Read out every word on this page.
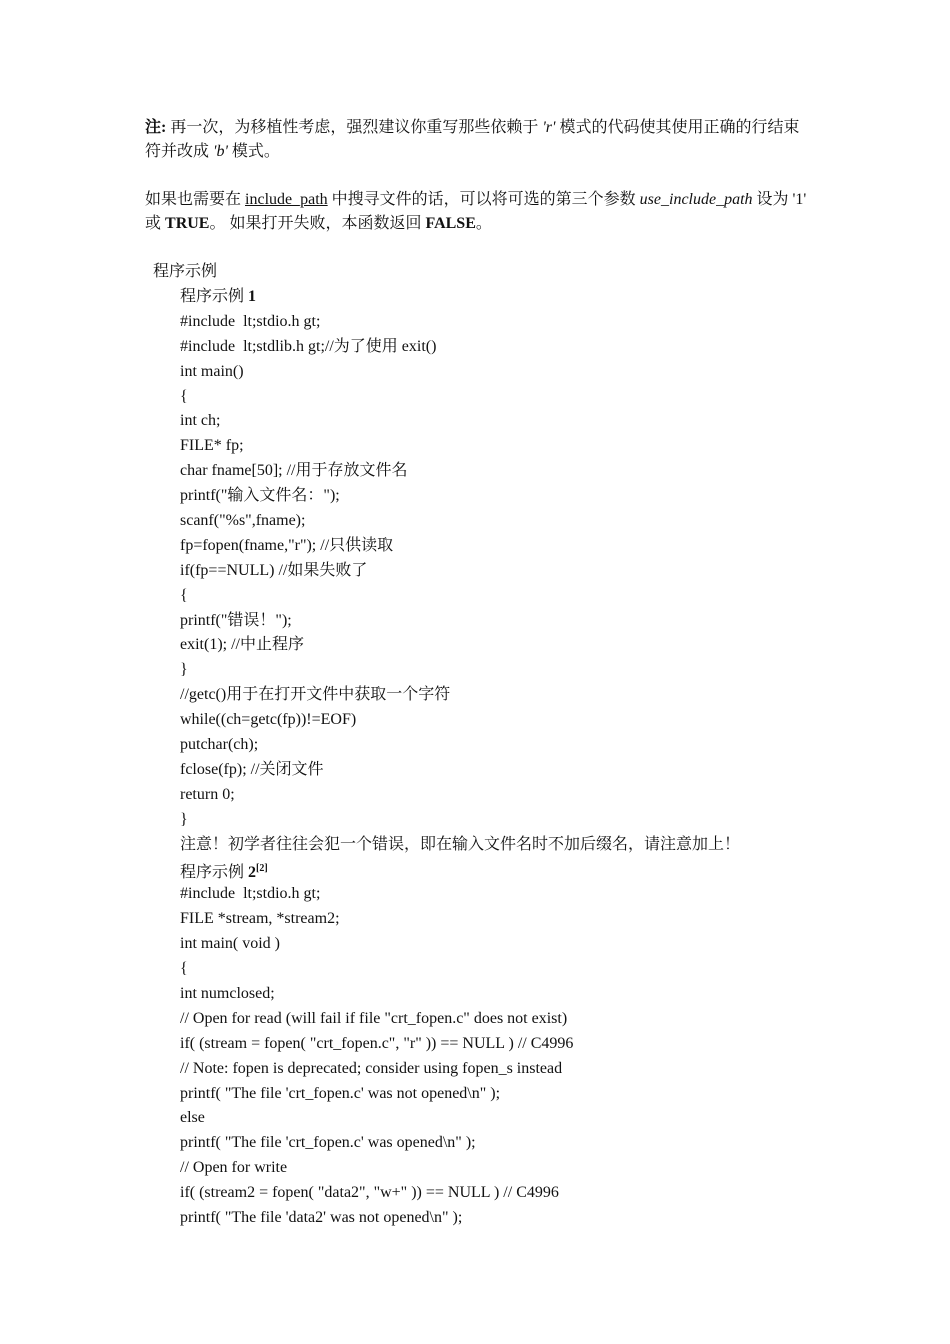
注: 再一次，为移植性考虑，强烈建议你重写那些依赖于 'r' 模式的代码使其使用正确的行结束符并改成 'b' 模式。

如果也需要在 include_path 中搜寻文件的话，可以将可选的第三个参数 use_include_path 设为 '1' 或 TRUE。 如果打开失败，本函数返回 FALSE。

程序示例

程序示例 1
#include  lt;stdio.h gt;
#include  lt;stdlib.h gt;//为了使用 exit()
int main()
{
int ch;
FILE* fp;
char fname[50]; //用于存放文件名
printf("输入文件名：");
scanf("%s",fname);
fp=fopen(fname,"r"); //只供读取
if(fp==NULL) //如果失败了
{
printf("错误！");
exit(1); //中止程序
}
//getc()用于在打开文件中获取一个字符
while((ch=getc(fp))!=EOF)
putchar(ch);
fclose(fp); //关闭文件
return 0;
}
注意！初学者往往会犯一个错误，即在输入文件名时不加后缀名，请注意加上！
程序示例 2[2]
#include  lt;stdio.h gt;
FILE *stream, *stream2;
int main( void )
{
int numclosed;
// Open for read (will fail if file "crt_fopen.c" does not exist)
if( (stream = fopen( "crt_fopen.c", "r" )) == NULL ) // C4996
// Note: fopen is deprecated; consider using fopen_s instead
printf( "The file 'crt_fopen.c' was not opened\n" );
else
printf( "The file 'crt_fopen.c' was opened\n" );
// Open for write
if( (stream2 = fopen( "data2", "w+" )) == NULL ) // C4996
printf( "The file 'data2' was not opened\n" );
